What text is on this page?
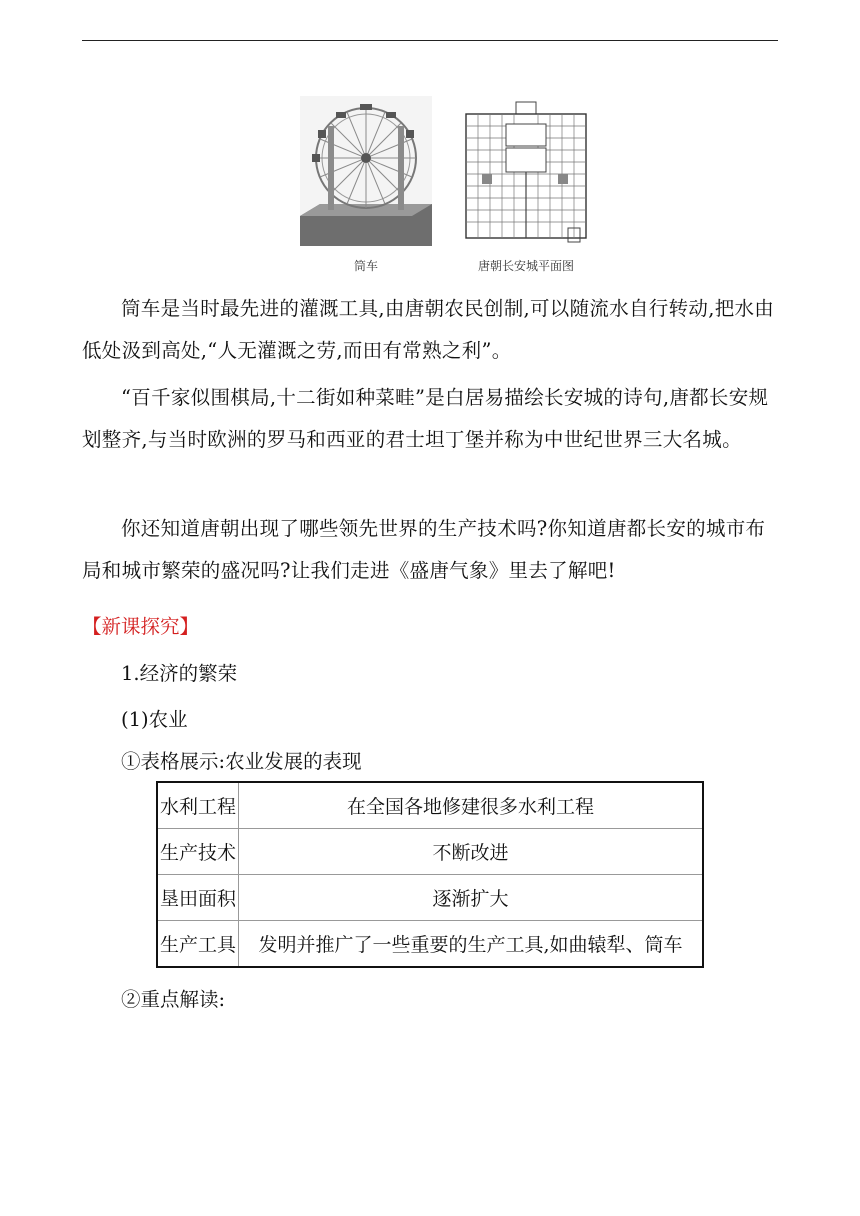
筒车	唐朝长安城平面图

筒车是当时最先进的灌溉工具,由唐朝农民创制,可以随流水自行转动,把水由低处汲到高处,“人无灌溉之劳,而田有常熟之利”。

“百千家似围棋局,十二街如种菜畦”是白居易描绘长安城的诗句,唐都长安规划整齐,与当时欧洲的罗马和西亚的君士坦丁堡并称为中世纪世界三大名城。

你还知道唐朝出现了哪些领先世界的生产技术吗?你知道唐都长安的城市布局和城市繁荣的盛况吗?让我们走进《盛唐气象》里去了解吧!

【新课探究】
1.经济的繁荣
(1)农业
①表格展示:农业发展的表现
水利工程	在全国各地修建很多水利工程
生产技术	不断改进
垦田面积	逐渐扩大
生产工具	发明并推广了一些重要的生产工具,如曲辕犁、筒车
②重点解读:
